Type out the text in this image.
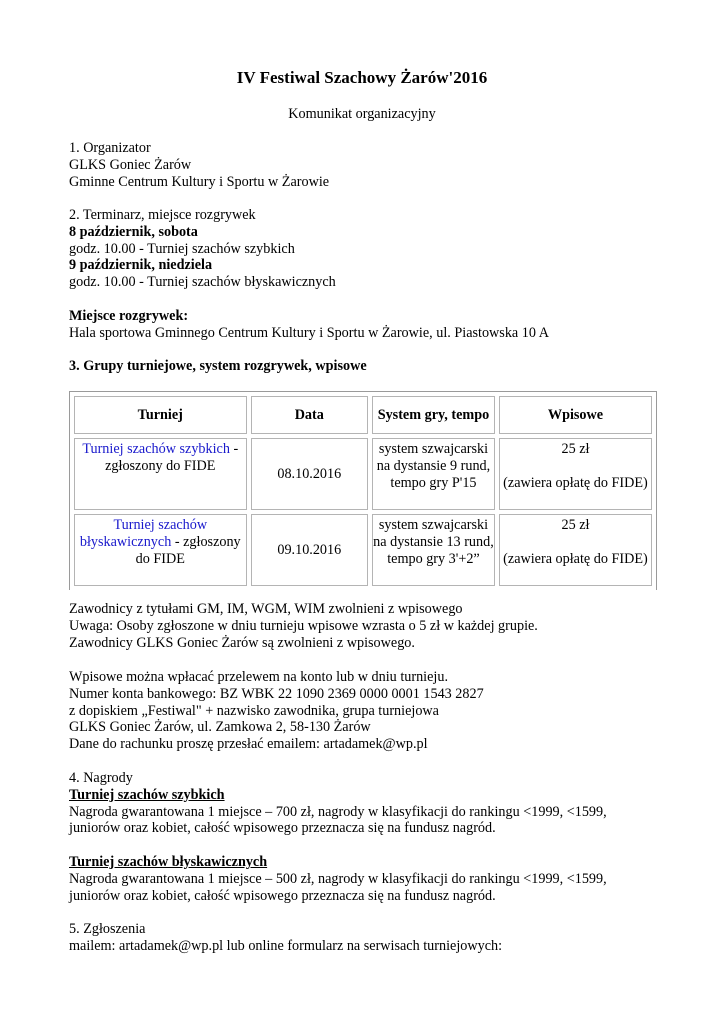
IV Festiwal Szachowy Żarów'2016
Komunikat organizacyjny
1. Organizator
GLKS Goniec Żarów
Gminne Centrum Kultury i Sportu w Żarowie
2. Terminarz, miejsce rozgrywek
8 październik, sobota
godz. 10.00 - Turniej szachów szybkich
9 październik, niedziela
godz. 10.00 - Turniej szachów błyskawicznych
Miejsce rozgrywek:
Hala sportowa Gminnego Centrum Kultury i Sportu w Żarowie, ul. Piastowska 10 A
3. Grupy turniejowe, system rozgrywek, wpisowe
Turniej	Data	System gry, tempo	Wpisowe

Turniej szachów szybkich -
zgłoszony do FIDE	08.10.2016	system szwajcarski
na dystansie 9 rund,
tempo gry P'15	25 zł
(zawiera opłatę do FIDE)

Turniej szachów
błyskawicznych - zgłoszony
do FIDE	09.10.2016	system szwajcarski
na dystansie 13 rund,
tempo gry 3'+2”	25 zł
(zawiera opłatę do FIDE)
Zawodnicy z tytułami GM, IM, WGM, WIM zwolnieni z wpisowego
Uwaga: Osoby zgłoszone w dniu turnieju wpisowe wzrasta o 5 zł w każdej grupie.
Zawodnicy GLKS Goniec Żarów są zwolnieni z wpisowego.
Wpisowe można wpłacać przelewem na konto lub w dniu turnieju.
Numer konta bankowego: BZ WBK 22 1090 2369 0000 0001 1543 2827
z dopiskiem „Festiwal" + nazwisko zawodnika, grupa turniejowa
GLKS Goniec Żarów, ul. Zamkowa 2, 58-130 Żarów
Dane do rachunku proszę przesłać emailem: artadamek@wp.pl
4. Nagrody
Turniej szachów szybkich
Nagroda gwarantowana 1 miejsce – 700 zł, nagrody w klasyfikacji do rankingu <1999, <1599,
juniorów oraz kobiet, całość wpisowego przeznacza się na fundusz nagród.
Turniej szachów błyskawicznych
Nagroda gwarantowana 1 miejsce – 500 zł, nagrody w klasyfikacji do rankingu <1999, <1599,
juniorów oraz kobiet, całość wpisowego przeznacza się na fundusz nagród.
5. Zgłoszenia
mailem: artadamek@wp.pl lub online formularz na serwisach turniejowych:
